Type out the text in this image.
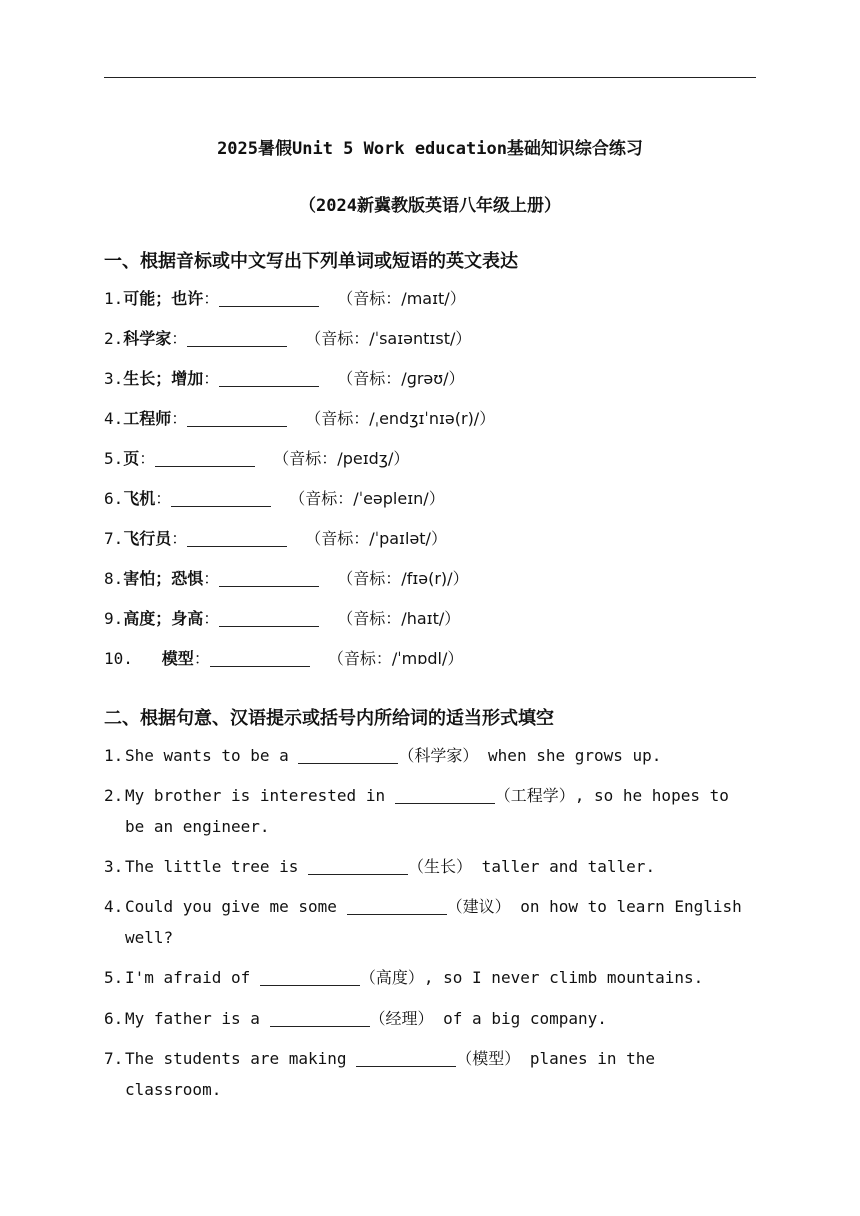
2025暑假Unit 5 Work education基础知识综合练习
（2024新冀教版英语八年级上册）
一、根据音标或中文写出下列单词或短语的英文表达
1.可能；也许：	（音标：/maɪt/）
2.科学家：	（音标：/ˈsaɪəntɪst/）
3.生长；增加：	（音标：/ɡrəʊ/）
4.工程师：	（音标：/ˌendʒɪˈnɪə(r)/）
5.页：	（音标：/peɪdʒ/）
6.飞机：	（音标：/ˈeəpleɪn/）
7.飞行员：	（音标：/ˈpaɪlət/）
8.害怕；恐惧：	（音标：/fɪə(r)/）
9.高度；身高：	（音标：/haɪt/）
10.   模型：	（音标：/ˈmɒdl/）
二、根据句意、汉语提示或括号内所给词的适当形式填空
1. She wants to be a	（科学家） when she grows up.
2. My brother is interested in	（工程学）, so he hopes to be an engineer.
3. The little tree is	（生长） taller and taller.
4. Could you give me some	（建议） on how to learn English well?
5. I'm afraid of	（高度）, so I never climb mountains.
6. My father is a	（经理） of a big company.
7. The students are making	（模型） planes in the classroom.
